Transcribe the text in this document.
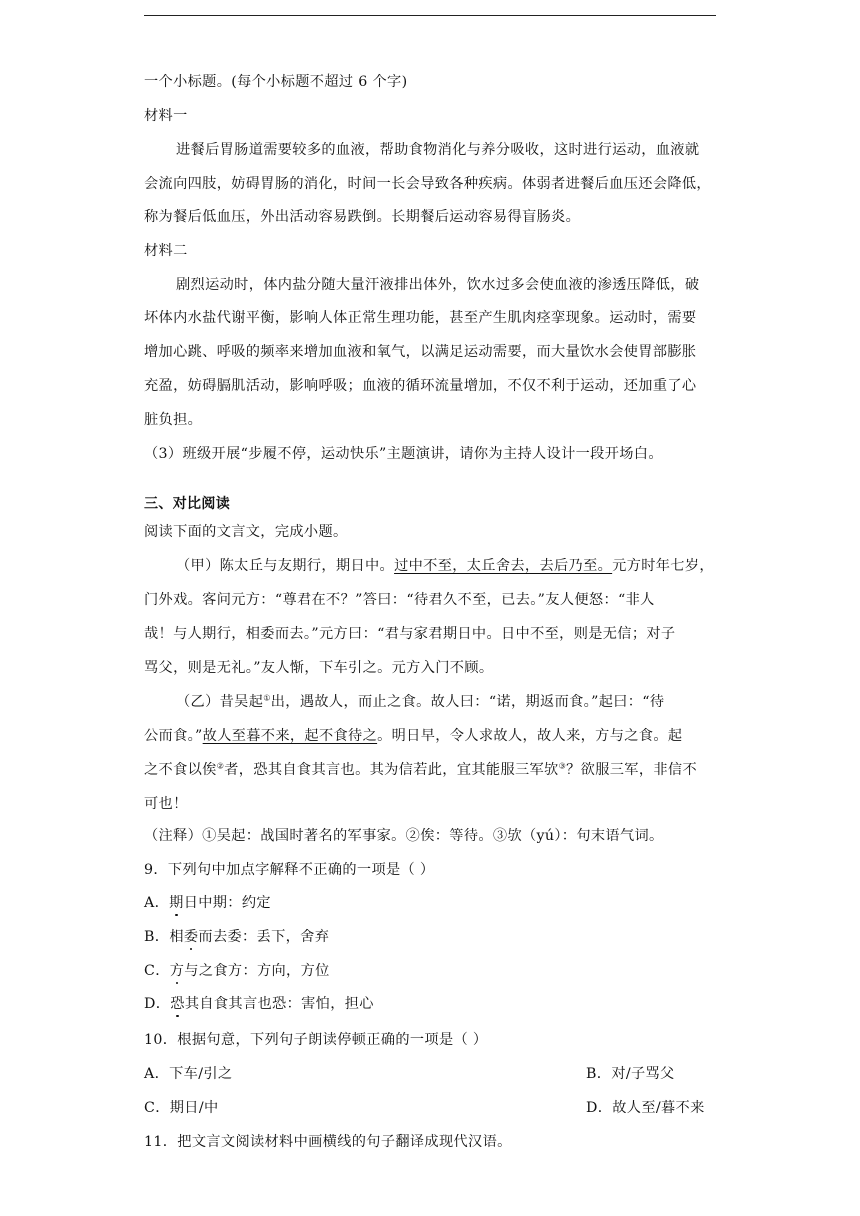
一个小标题。(每个小标题不超过 6 个字)
材料一
进餐后胃肠道需要较多的血液，帮助食物消化与养分吸收，这时进行运动，血液就
会流向四肢，妨碍胃肠的消化，时间一长会导致各种疾病。体弱者进餐后血压还会降低，
称为餐后低血压，外出活动容易跌倒。长期餐后运动容易得盲肠炎。
材料二
剧烈运动时，体内盐分随大量汗液排出体外，饮水过多会使血液的渗透压降低，破
坏体内水盐代谢平衡，影响人体正常生理功能，甚至产生肌肉痉挛现象。运动时，需要
增加心跳、呼吸的频率来增加血液和氧气，以满足运动需要，而大量饮水会使胃部膨胀
充盈，妨碍膈肌活动，影响呼吸；血液的循环流量增加，不仅不利于运动，还加重了心
脏负担。
（3）班级开展“步履不停，运动快乐”主题演讲，请你为主持人设计一段开场白。
三、对比阅读
阅读下面的文言文，完成小题。
（甲）陈太丘与友期行，期日中。过中不至，太丘舍去，去后乃至。元方时年七岁，
门外戏。客问元方：“尊君在不？”答曰：“待君久不至，已去。”友人便怒：“非人
哉！与人期行，相委而去。”元方曰：“君与家君期日中。日中不至，则是无信；对子
骂父，则是无礼。”友人惭，下车引之。元方入门不顾。
（乙）昔吴起①出，遇故人，而止之食。故人曰：“诺，期返而食。”起曰：“待
公而食。”故人至暮不来，起不食待之。明日早，令人求故人，故人来，方与之食。起
之不食以俟②者，恐其自食其言也。其为信若此，宜其能服三军欤③？欲服三军，非信不
可也！
（注释）①吴起：战国时著名的军事家。②俟：等待。③欤（yú）：句末语气词。
9．下列句中加点字解释不正确的一项是（ ）
A．期日中期：约定
B．相委而去委：丢下，舍弃
C．方与之食方：方向，方位
D．恐其自食其言也恐：害怕，担心
10．根据句意，下列句子朗读停顿正确的一项是（ ）
A．下车/引之	B．对/子骂父
C．期日/中	D．故人至/暮不来
11．把文言文阅读材料中画横线的句子翻译成现代汉语。
